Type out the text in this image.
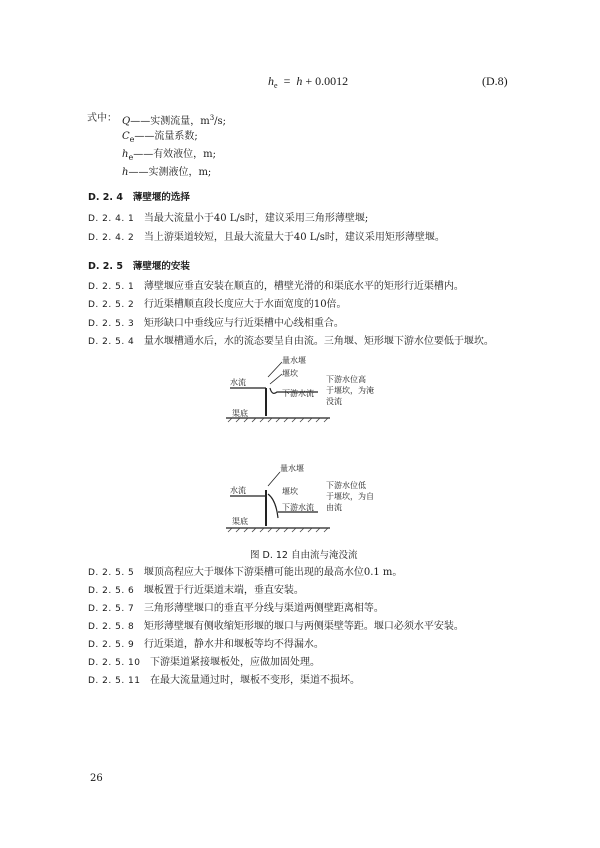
$h_e = h + 0.0012$	(D.8)
式中： Q——实测流量，$m^3/s$;
$C_e——$流量系数;
$h_e——$有效液位，m;
h——实测液位，m;
D. 2. 4 薄壁堰的选择
D. 2. 4. 1 当最大流量小于40 L/s时，建议采用三角形薄壁堰;
D. 2. 4. 2 当上游渠道较短，且最大流量大于40 L/s时，建议采用矩形薄壁堰。
D. 2. 5 薄壁堰的安装
D. 2. 5. 1 薄壁堰应垂直安装在顺直的，槽壁光滑的和渠底水平的矩形行近渠槽内。
D. 2. 5. 2 行近渠槽顺直段长度应大于水面宽度的10倍。
D. 2. 5. 3 矩形缺口中垂线应与行近渠槽中心线相重合。
D. 2. 5. 4 量水堰槽通水后，水的流态要呈自由流。三角堰、矩形堰下游水位要低于堰坎。
量水堰
水流
堰坎
下游水流
渠底
下游水位高
于堰坎，为淹
没流
量水堰
水流	堰坎
下游水流
渠底
下游水位低
于堰坎，为自
由流
图 D. 12 自由流与淹没流
D. 2. 5. 5 堰顶高程应大于堰体下游渠槽可能出现的最高水位0.1 m。
D. 2. 5. 6 堰板置于行近渠道末端，垂直安装。
D. 2. 5. 7 三角形薄壁堰口的垂直平分线与渠道两侧壁距离相等。
D. 2. 5. 8 矩形薄壁堰有侧收缩矩形堰的堰口与两侧渠壁等距。堰口必须水平安装。
D. 2. 5. 9 行近渠道，静水井和堰板等均不得漏水。
D. 2. 5. 10 下游渠道紧接堰板处，应做加固处理。
D. 2. 5. 11 在最大流量通过时，堰板不变形，渠道不损坏。
26
